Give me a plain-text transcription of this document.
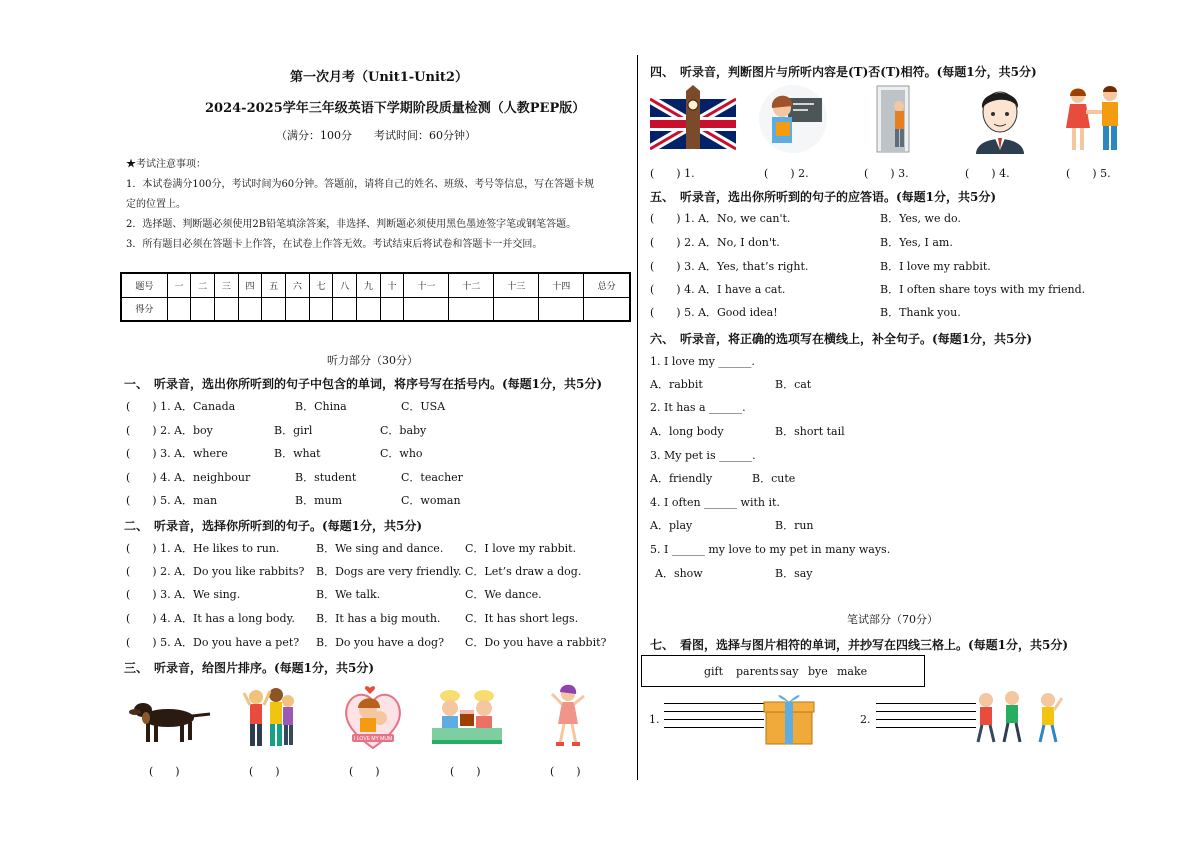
第一次月考（Unit1-Unit2）
2024-2025学年三年级英语下学期阶段质量检测（人教PEP版）
（满分：100分　　考试时间：60分钟）
★考试注意事项：
1．本试卷满分100分，考试时间为60分钟。答题前，请将自己的姓名、班级、考号等信息，写在答题卡规
定的位置上。
2．选择题、判断题必须使用2B铅笔填涂答案，非选择、判断题必须使用黑色墨迹签字笔或钢笔答题。
3．所有题目必须在答题卡上作答，在试卷上作答无效。考试结束后将试卷和答题卡一并交回。
题号	一	二	三	四	五	六	七	八	九	十	十一	十二	十三	十四	总分
得分															
听力部分（30分）
一、　听录音，选出你所听到的句子中包含的单词，将序号写在括号内。(每题1分，共5分)
(　　) 1. A．Canada	B．China	C．USA
(　　) 2. A．boy	B．girl	C．baby
(　　) 3. A．where	B．what	C．who
(　　) 4. A．neighbour	B．student	C．teacher
(　　) 5. A．man	B．mum	C．woman
二、　听录音，选择你所听到的句子。(每题1分，共5分)
(　　) 1. A．He likes to run.	B．We sing and dance. C．I love my rabbit.
(　　) 2. A．Do you like rabbits? B．Dogs are very friendly. C．Let’s draw a dog.
(　　) 3. A．We sing.	B．We talk.	C．We dance.
(　　) 4. A．It has a long body. B．It has a big mouth. C．It has short legs.
(　　) 5. A．Do you have a pet? B．Do you have a dog? C．Do you have a rabbit?
三、　听录音，给图片排序。(每题1分，共5分)
I LOVE MY MUM
(　　)	(　　)	(　　)	(　　)	(　　)
四、　听录音，判断图片与所听内容是(T)否(T)相符。(每题1分，共5分)
(　　) 1.	(　　) 2.	(　　) 3.	(　　) 4.	(　　) 5.
五、　听录音，选出你所听到的句子的应答语。(每题1分，共5分)
(　　) 1. A．No, we can't.	B．Yes, we do.
(　　) 2. A．No, I don't.	B．Yes, I am.
(　　) 3. A．Yes, that’s right.	B．I love my rabbit.
(　　) 4. A．I have a cat.	B．I often share toys with my friend.
(　　) 5. A．Good idea!	B．Thank you.
六、　听录音，将正确的选项写在横线上，补全句子。(每题1分，共5分)
1. I love my ______.
A．rabbit	B．cat
2. It has a ______.
A．long body	B．short tail
3. My pet is ______.
A．friendly	B．cute
4. I often ______ with it.
A．play	B．run
5. I ______ my love to my pet in many ways.
A．show	B．say
笔试部分（70分）
七、　看图，选择与图片相符的单词，并抄写在四线三格上。(每题1分，共5分)
gift parents say bye make
1.	2.
